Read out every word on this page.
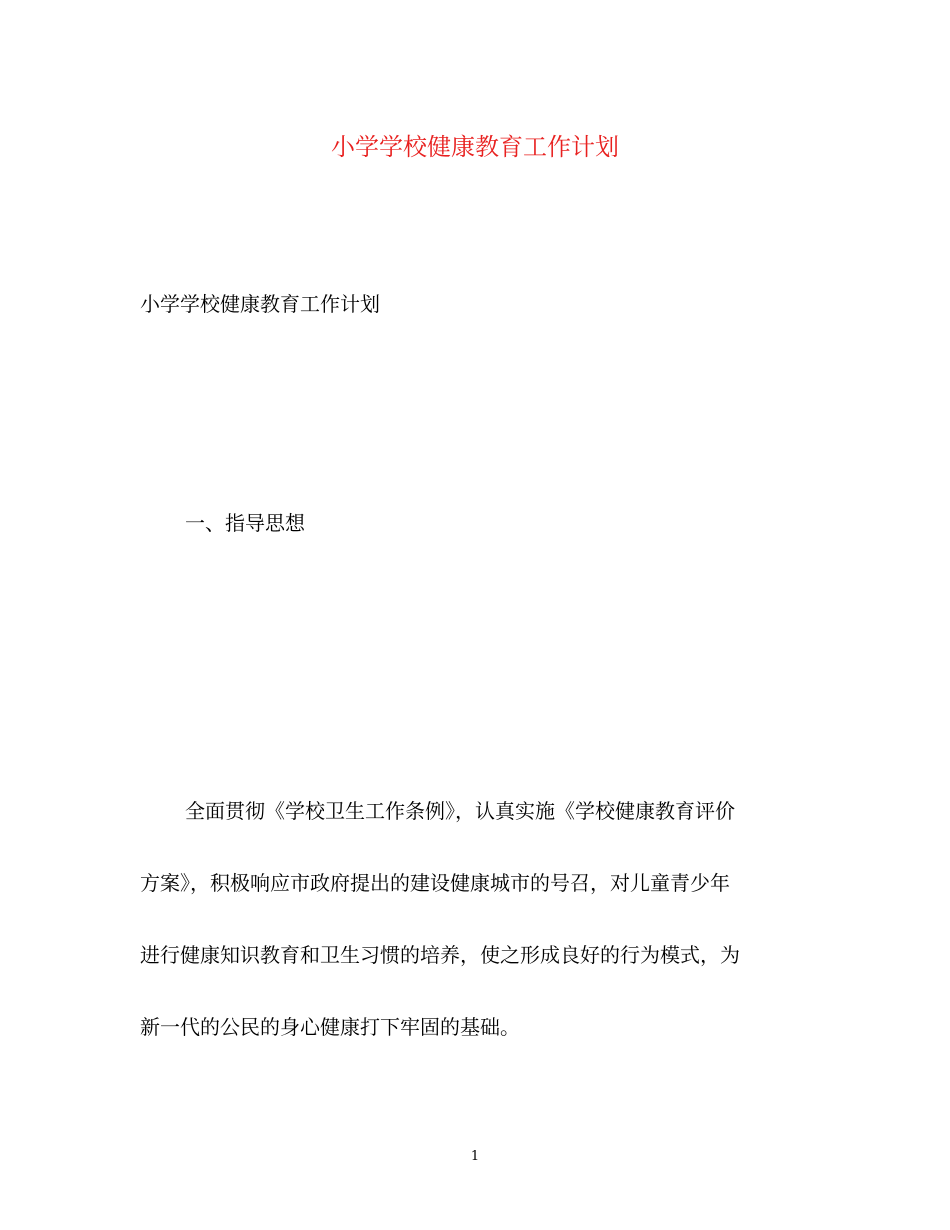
小学学校健康教育工作计划

小学学校健康教育工作计划

一、指导思想

全面贯彻《学校卫生工作条例》，认真实施《学校健康教育评价

方案》，积极响应市政府提出的建设健康城市的号召，对儿童青少年

进行健康知识教育和卫生习惯的培养，使之形成良好的行为模式，为

新一代的公民的身心健康打下牢固的基础。

1
